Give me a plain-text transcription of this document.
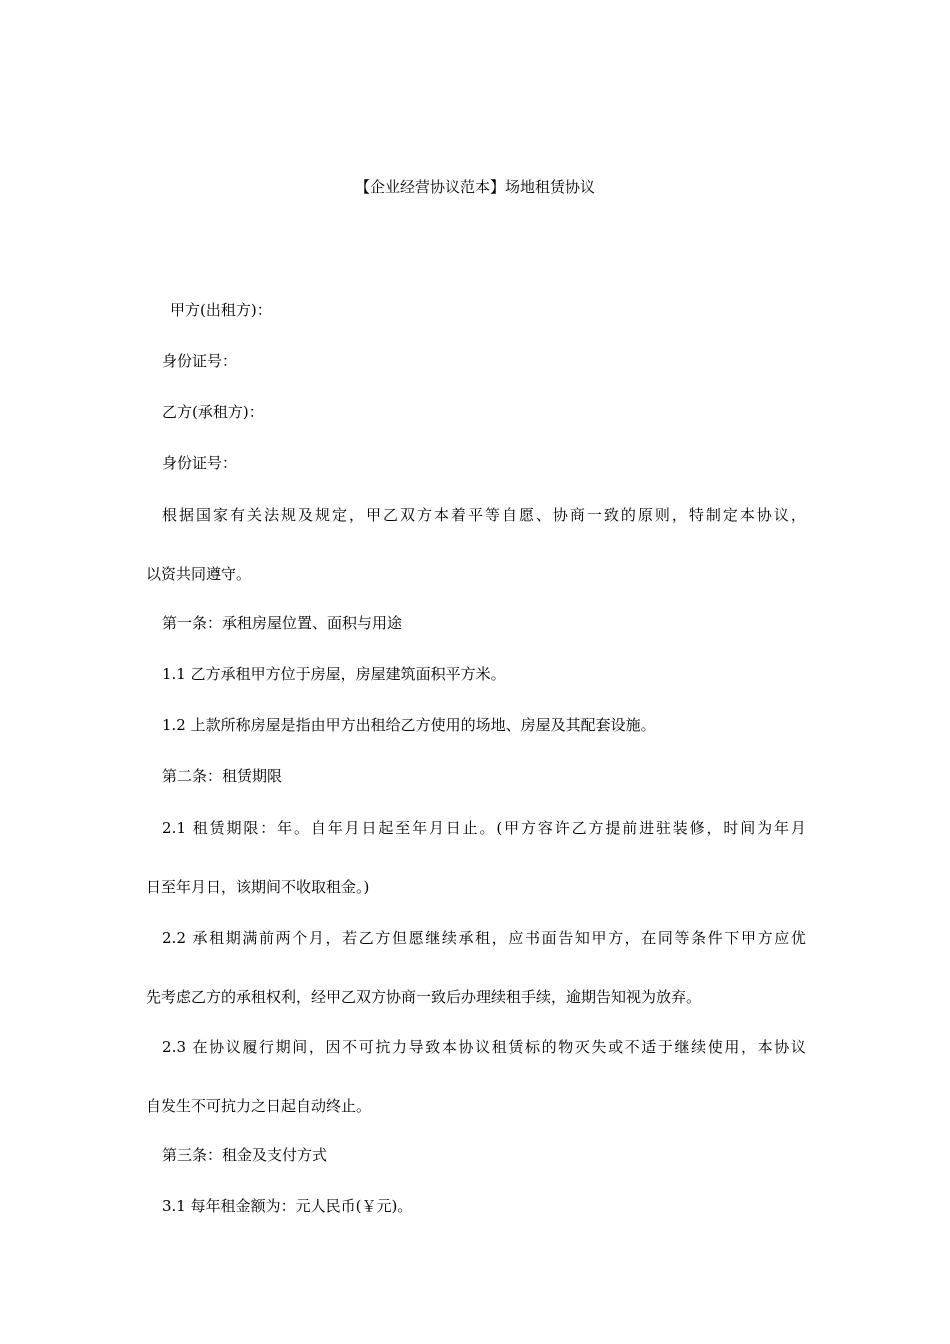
【企业经营协议范本】场地租赁协议
甲方(出租方)：
身份证号：
乙方(承租方)：
身份证号：
根据国家有关法规及规定，甲乙双方本着平等自愿、协商一致的原则，特制定本协议，
以资共同遵守。
第一条：承租房屋位置、面积与用途
1.1 乙方承租甲方位于房屋，房屋建筑面积平方米。
1.2 上款所称房屋是指由甲方出租给乙方使用的场地、房屋及其配套设施。
第二条：租赁期限
2.1 租赁期限：年。自年月日起至年月日止。(甲方容许乙方提前进驻装修，时间为年月
日至年月日，该期间不收取租金。)
2.2 承租期满前两个月，若乙方但愿继续承租，应书面告知甲方，在同等条件下甲方应优
先考虑乙方的承租权利，经甲乙双方协商一致后办理续租手续，逾期告知视为放弃。
2.3 在协议履行期间，因不可抗力导致本协议租赁标的物灭失或不适于继续使用，本协议
自发生不可抗力之日起自动终止。
第三条：租金及支付方式
3.1 每年租金额为：元人民币(￥元)。
